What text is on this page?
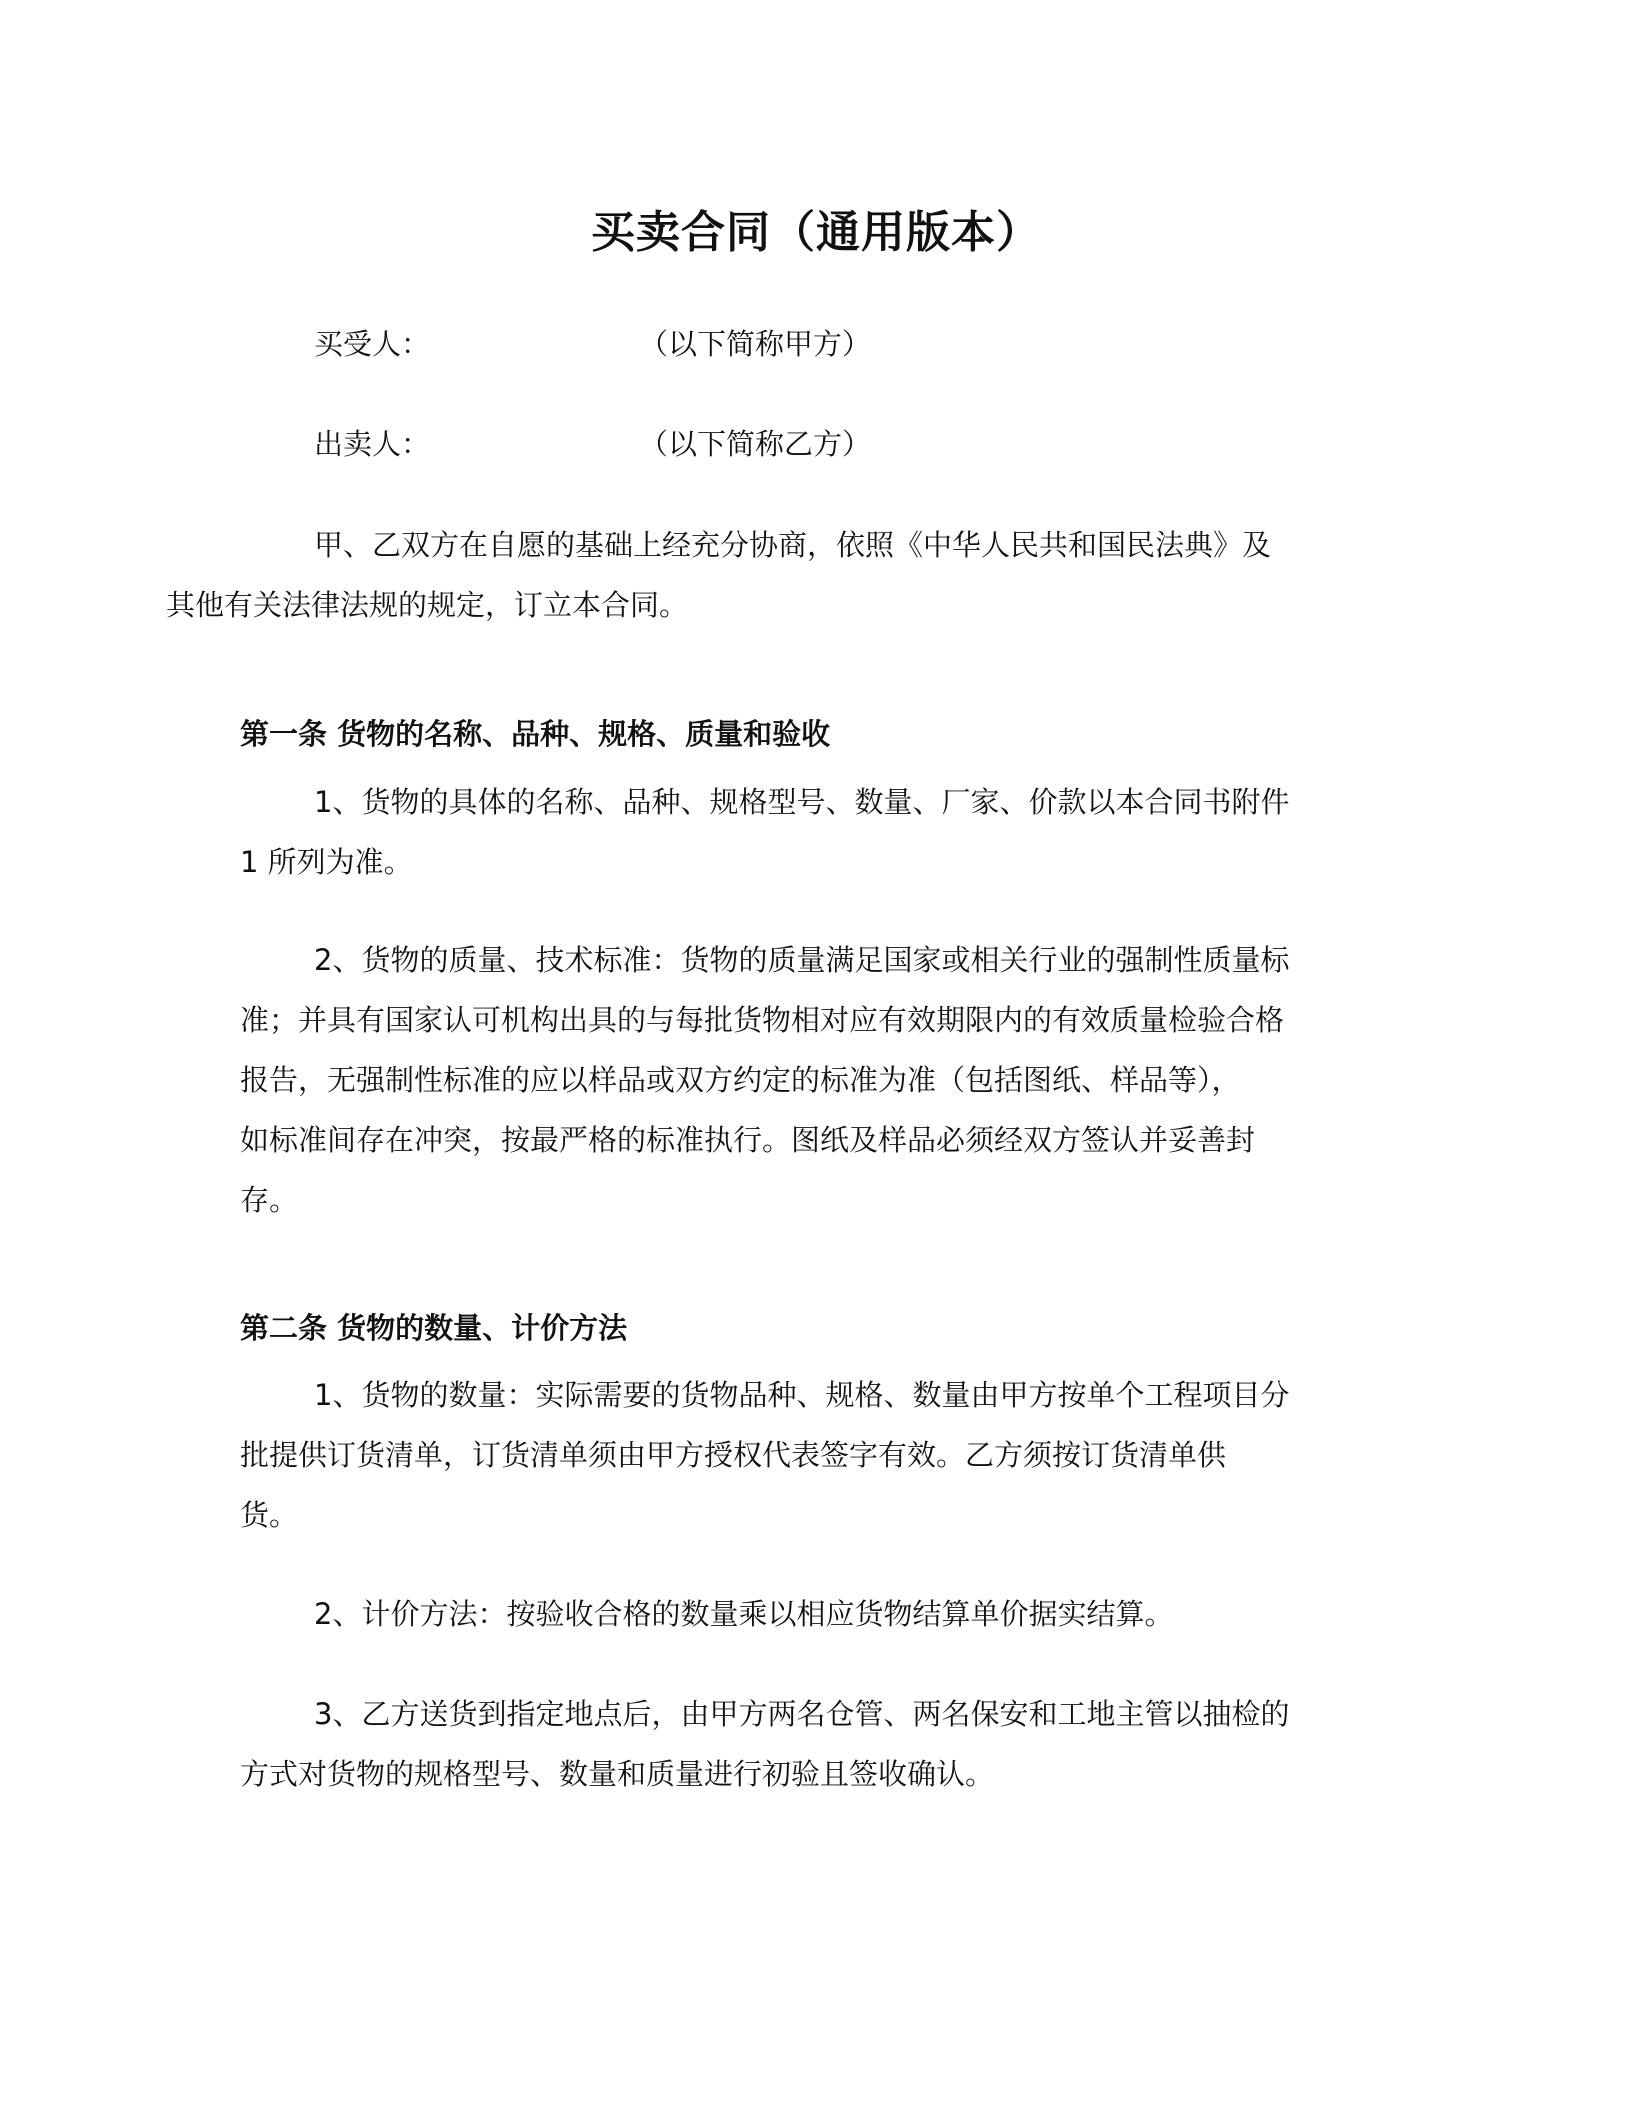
买卖合同（通用版本）
买受人：	（以下简称甲方）
出卖人：	（以下简称乙方）

甲、乙双方在自愿的基础上经充分协商，依照《中华人民共和国民法典》及
其他有关法律法规的规定，订立本合同。

第一条 货物的名称、品种、规格、质量和验收

1、货物的具体的名称、品种、规格型号、数量、厂家、价款以本合同书附件
1 所列为准。

2、货物的质量、技术标准：货物的质量满足国家或相关行业的强制性质量标
准；并具有国家认可机构出具的与每批货物相对应有效期限内的有效质量检验合格
报告，无强制性标准的应以样品或双方约定的标准为准（包括图纸、样品等），
如标准间存在冲突，按最严格的标准执行。图纸及样品必须经双方签认并妥善封
存。

第二条 货物的数量、计价方法

1、货物的数量：实际需要的货物品种、规格、数量由甲方按单个工程项目分
批提供订货清单，订货清单须由甲方授权代表签字有效。乙方须按订货清单供
货。

2、计价方法：按验收合格的数量乘以相应货物结算单价据实结算。

3、乙方送货到指定地点后，由甲方两名仓管、两名保安和工地主管以抽检的
方式对货物的规格型号、数量和质量进行初验且签收确认。
